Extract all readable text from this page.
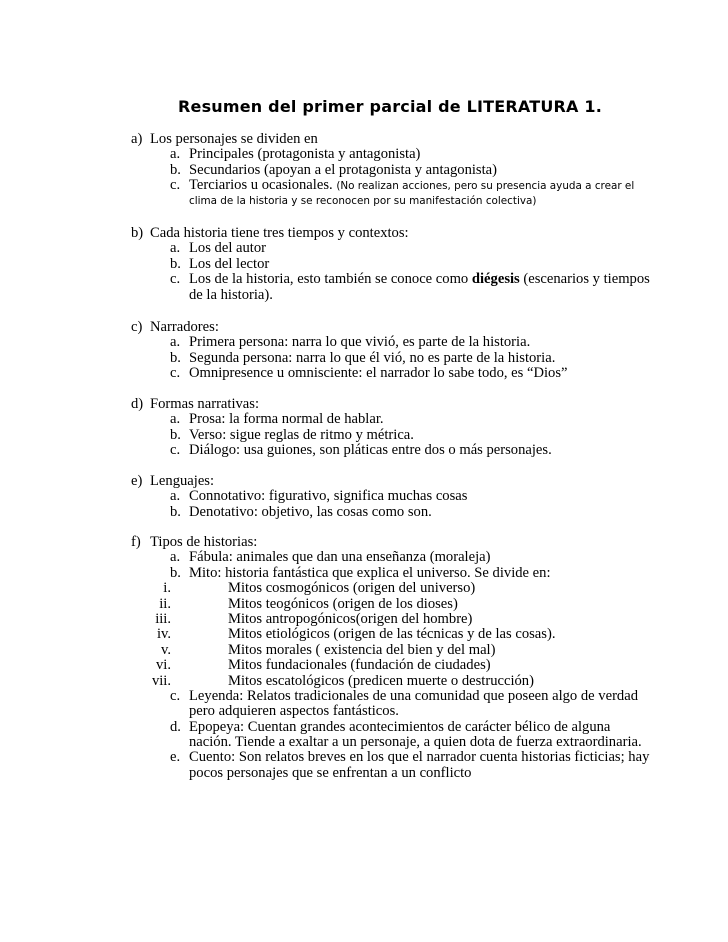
Resumen del primer parcial de LITERATURA 1.
a) Los personajes se dividen en
a. Principales (protagonista y antagonista)
b. Secundarios (apoyan a el protagonista y antagonista)
c. Terciarios u ocasionales. (No realizan acciones, pero su presencia ayuda a crear el
clima de la historia y se reconocen por su manifestación colectiva)
b) Cada historia tiene tres tiempos y contextos:
a. Los del autor
b. Los del lector
c. Los de la historia, esto también se conoce como diégesis (escenarios y tiempos
de la historia).
c) Narradores:
a. Primera persona: narra lo que vivió, es parte de la historia.
b. Segunda persona: narra lo que él vió, no es parte de la historia.
c. Omnipresence u omnisciente: el narrador lo sabe todo, es “Dios”
d) Formas narrativas:
a. Prosa: la forma normal de hablar.
b. Verso: sigue reglas de ritmo y métrica.
c. Diálogo: usa guiones, son pláticas entre dos o más personajes.
e) Lenguajes:
a. Connotativo: figurativo, significa muchas cosas
b. Denotativo: objetivo, las cosas como son.
f) Tipos de historias:
a. Fábula: animales que dan una enseñanza (moraleja)
b. Mito: historia fantástica que explica el universo. Se divide en:
i.	Mitos cosmogónicos (origen del universo)
ii.	Mitos teogónicos (origen de los dioses)
iii.	Mitos antropogónicos(origen del hombre)
iv.	Mitos etiológicos (origen de las técnicas y de las cosas).
v.	Mitos morales ( existencia del bien y del mal)
vi.	Mitos fundacionales (fundación de ciudades)
vii.	Mitos escatológicos (predicen muerte o destrucción)
c. Leyenda: Relatos tradicionales de una comunidad que poseen algo de verdad
pero adquieren aspectos fantásticos.
d. Epopeya: Cuentan grandes acontecimientos de carácter bélico de alguna
nación. Tiende a exaltar a un personaje, a quien dota de fuerza extraordinaria.
e. Cuento: Son relatos breves en los que el narrador cuenta historias ficticias; hay
pocos personajes que se enfrentan a un conflicto
